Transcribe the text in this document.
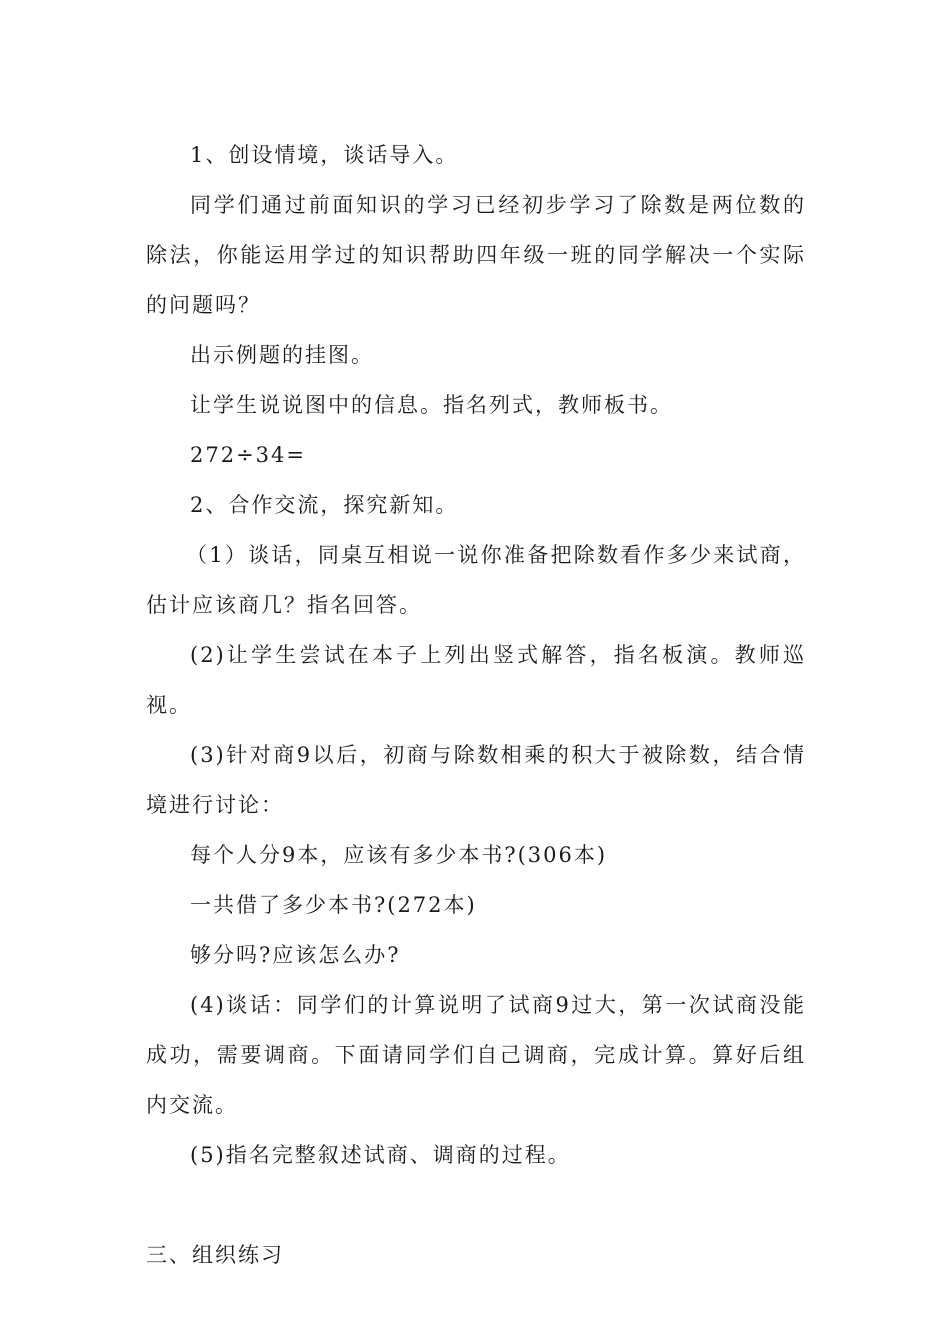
1、创设情境，谈话导入。

同学们通过前面知识的学习已经初步学习了除数是两位数的除法，你能运用学过的知识帮助四年级一班的同学解决一个实际的问题吗？

出示例题的挂图。

让学生说说图中的信息。指名列式，教师板书。

272÷34=

2、合作交流，探究新知。

（1）谈话，同桌互相说一说你准备把除数看作多少来试商，估计应该商几？指名回答。

(2)让学生尝试在本子上列出竖式解答，指名板演。教师巡视。

(3)针对商9以后，初商与除数相乘的积大于被除数，结合情境进行讨论：

每个人分9本，应该有多少本书?(306本)

一共借了多少本书?(272本)

够分吗?应该怎么办?

(4)谈话：同学们的计算说明了试商9过大，第一次试商没能成功，需要调商。下面请同学们自己调商，完成计算。算好后组内交流。

(5)指名完整叙述试商、调商的过程。

三、组织练习
